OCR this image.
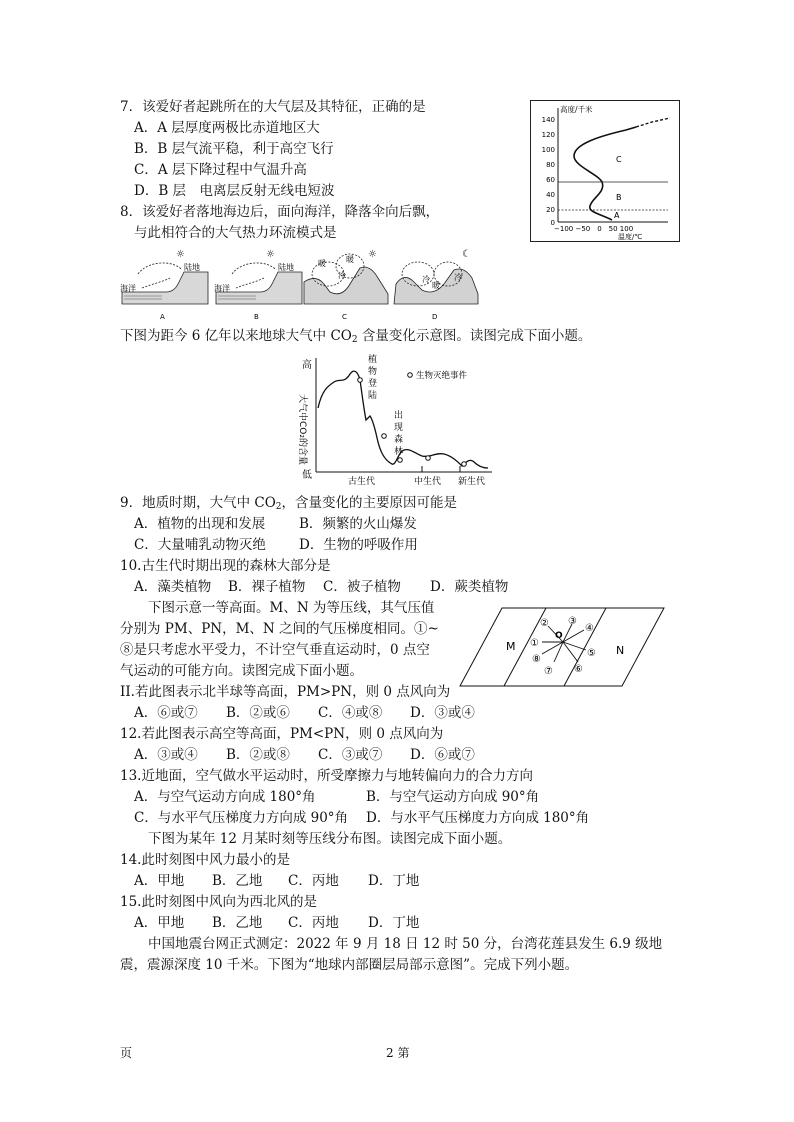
7．该爱好者起跳所在的大气层及其特征，正确的是
A．A 层厚度两极比赤道地区大
B．B 层气流平稳，利于高空飞行
C．A 层下降过程中气温升高
D．B 层　电离层反射无线电短波
高度/千米
140
120
100
80
60
40
20
0
C
B
A
−100 −50　0　50 100
温度/℃
8．该爱好者落地海边后，面向海洋，降落伞向后飘，
与此相符合的大气热力环流模式是
☼
海洋
陆地
A
☼
海洋
陆地
B
☼
暖
冷
暖
C
☾
冷
暖
冷
D
下图为距今 6 亿年以来地球大气中 $CO_2$ 含量变化示意图。读图完成下面小题。
高
低
大气中CO₂的含量
植
物
登
陆
出
现
森
林
生物灭绝事件
古生代	中生代 新生代
9．地质时期，大气中 $CO_2$，含量变化的主要原因可能是
A．植物的出现和发展	B．频繁的火山爆发
C．大量哺乳动物灭绝 D．生物的呼吸作用
10.古生代时期出现的森林大部分是
A．藻类植物 B．裸子植物 C．被子植物 D．蕨类植物
下图示意一等高面。M、N 为等压线，其气压值
分别为 PM、PN，M、N 之间的气压梯度相同。①~
⑧是只考虑水平受力，不计空气垂直运动时，0 点空
气运动的可能方向。读图完成下面小题。
M	N
O
①
② ③
④
⑤
⑥
⑦
⑧
II.若此图表示北半球等高面，PM>PN，则 0 点风向为
A．⑥或⑦ B．②或⑥ C．④或⑧ D．③或④
12.若此图表示高空等高面，PM<PN，则 0 点风向为
A．③或④ B．②或⑧ C．③或⑦ D．⑥或⑦
13.近地面，空气做水平运动时，所受摩擦力与地转偏向力的合力方向
A．与空气运动方向成 180°角	B．与空气运动方向成 90°角
C．与水平气压梯度力方向成 90°角 D．与水平气压梯度力方向成 180°角
下图为某年 12 月某时刻等压线分布图。读图完成下面小题。
14.此时刻图中风力最小的是
A．甲地 B．乙地 C．丙地 D．丁地
15.此时刻图中风向为西北风的是
A．甲地 B．乙地 C．丙地 D．丁地
中国地震台网正式测定：2022 年 9 月 18 日 12 时 50 分，台湾花莲县发生 6.9 级地
震，震源深度 10 千米。下图为“地球内部圈层局部示意图”。完成下列小题。
页	2 第
